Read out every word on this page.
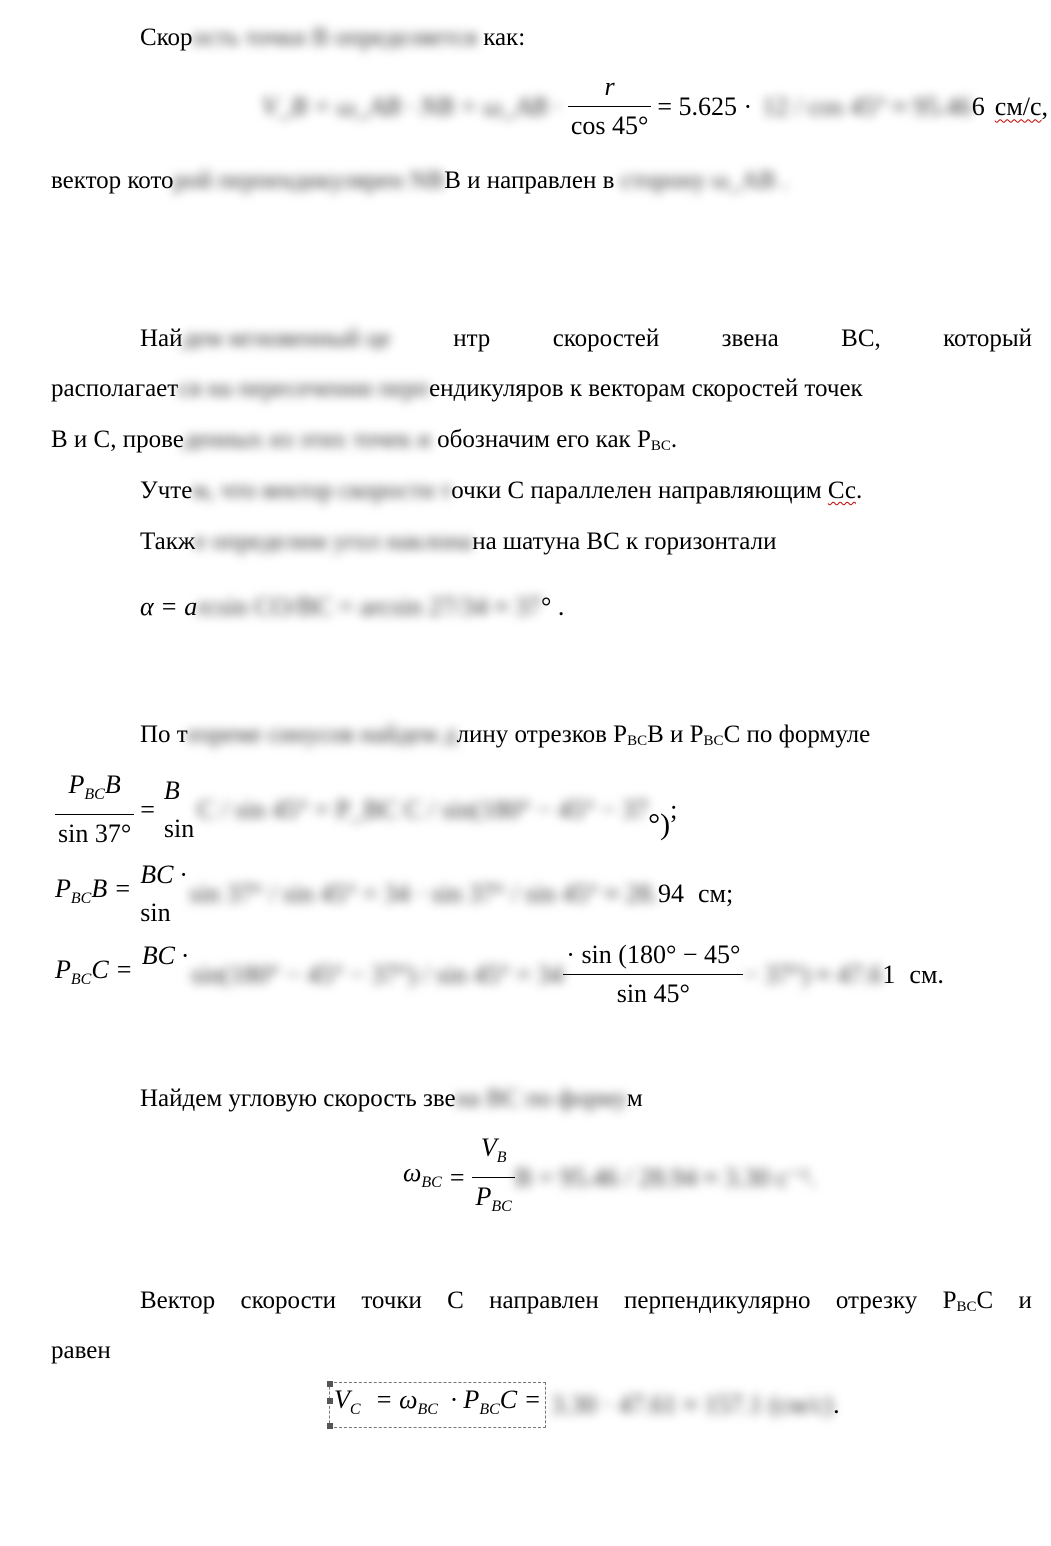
Скорость точки B определяется как:
V_B = ω_AB · NB = ω_AB · $\frac{r}{\cos 45^\circ} = 5.625 \cdot 12 / \cos 45^\circ \approx 95.46$ 6 см/с,
вектор которой перпендикулярен NBB и направлен в сторону ω_AB .
Найдем мгновенный це нтр скоростей звена ВС, который
располагается на пересечении перпендикуляров к векторам скоростей точек
В и С, проведенных из этих точек и обозначим его как PBC.
Учтем, что вектор скорости точки С параллелен направляющим Сс.
Также определим угол наклонана шатуна ВС к горизонтали
α = arcsin CO/BC = arcsin 27/34 ≈ 37° .
По теореме синусов найдем длину отрезков PBCB и PBCC по формуле
$\frac{P_{BC}B}{\sin 37^\circ}$ =
B
sin
C / sin 45° = P_BC C / sin(180° − 45° − 37 °) ;
$P_{BC}B$ = BC ·
sin
sin 37° / sin 45° = 34 · sin 37° / sin 45° ≈ 28. 94 см;
$P_{BC}C$ = BC ·
$\sin(180^\circ - 45^\circ - 37^\circ) / \sin 45^\circ = 34 \frac{\cdot \sin (180^\circ - 45^\circ}{\sin 45^\circ} - 37^\circ) \approx 47.6$ 1 см.
Найдем угловую скорость звена ВС по формум
$\omega_{BC} = \frac{V_B}{P_{BC}}$ B = 95.46 / 28.94 ≈ 3.30 с⁻¹.
Вектор скорости точки С направлен перпендикулярно отрезку PBCC и
равен
$V_C = \omega_{BC} \cdot P_{BC}C = 3.30 \cdot 47.61 \approx 157.1$ (см/с) .
